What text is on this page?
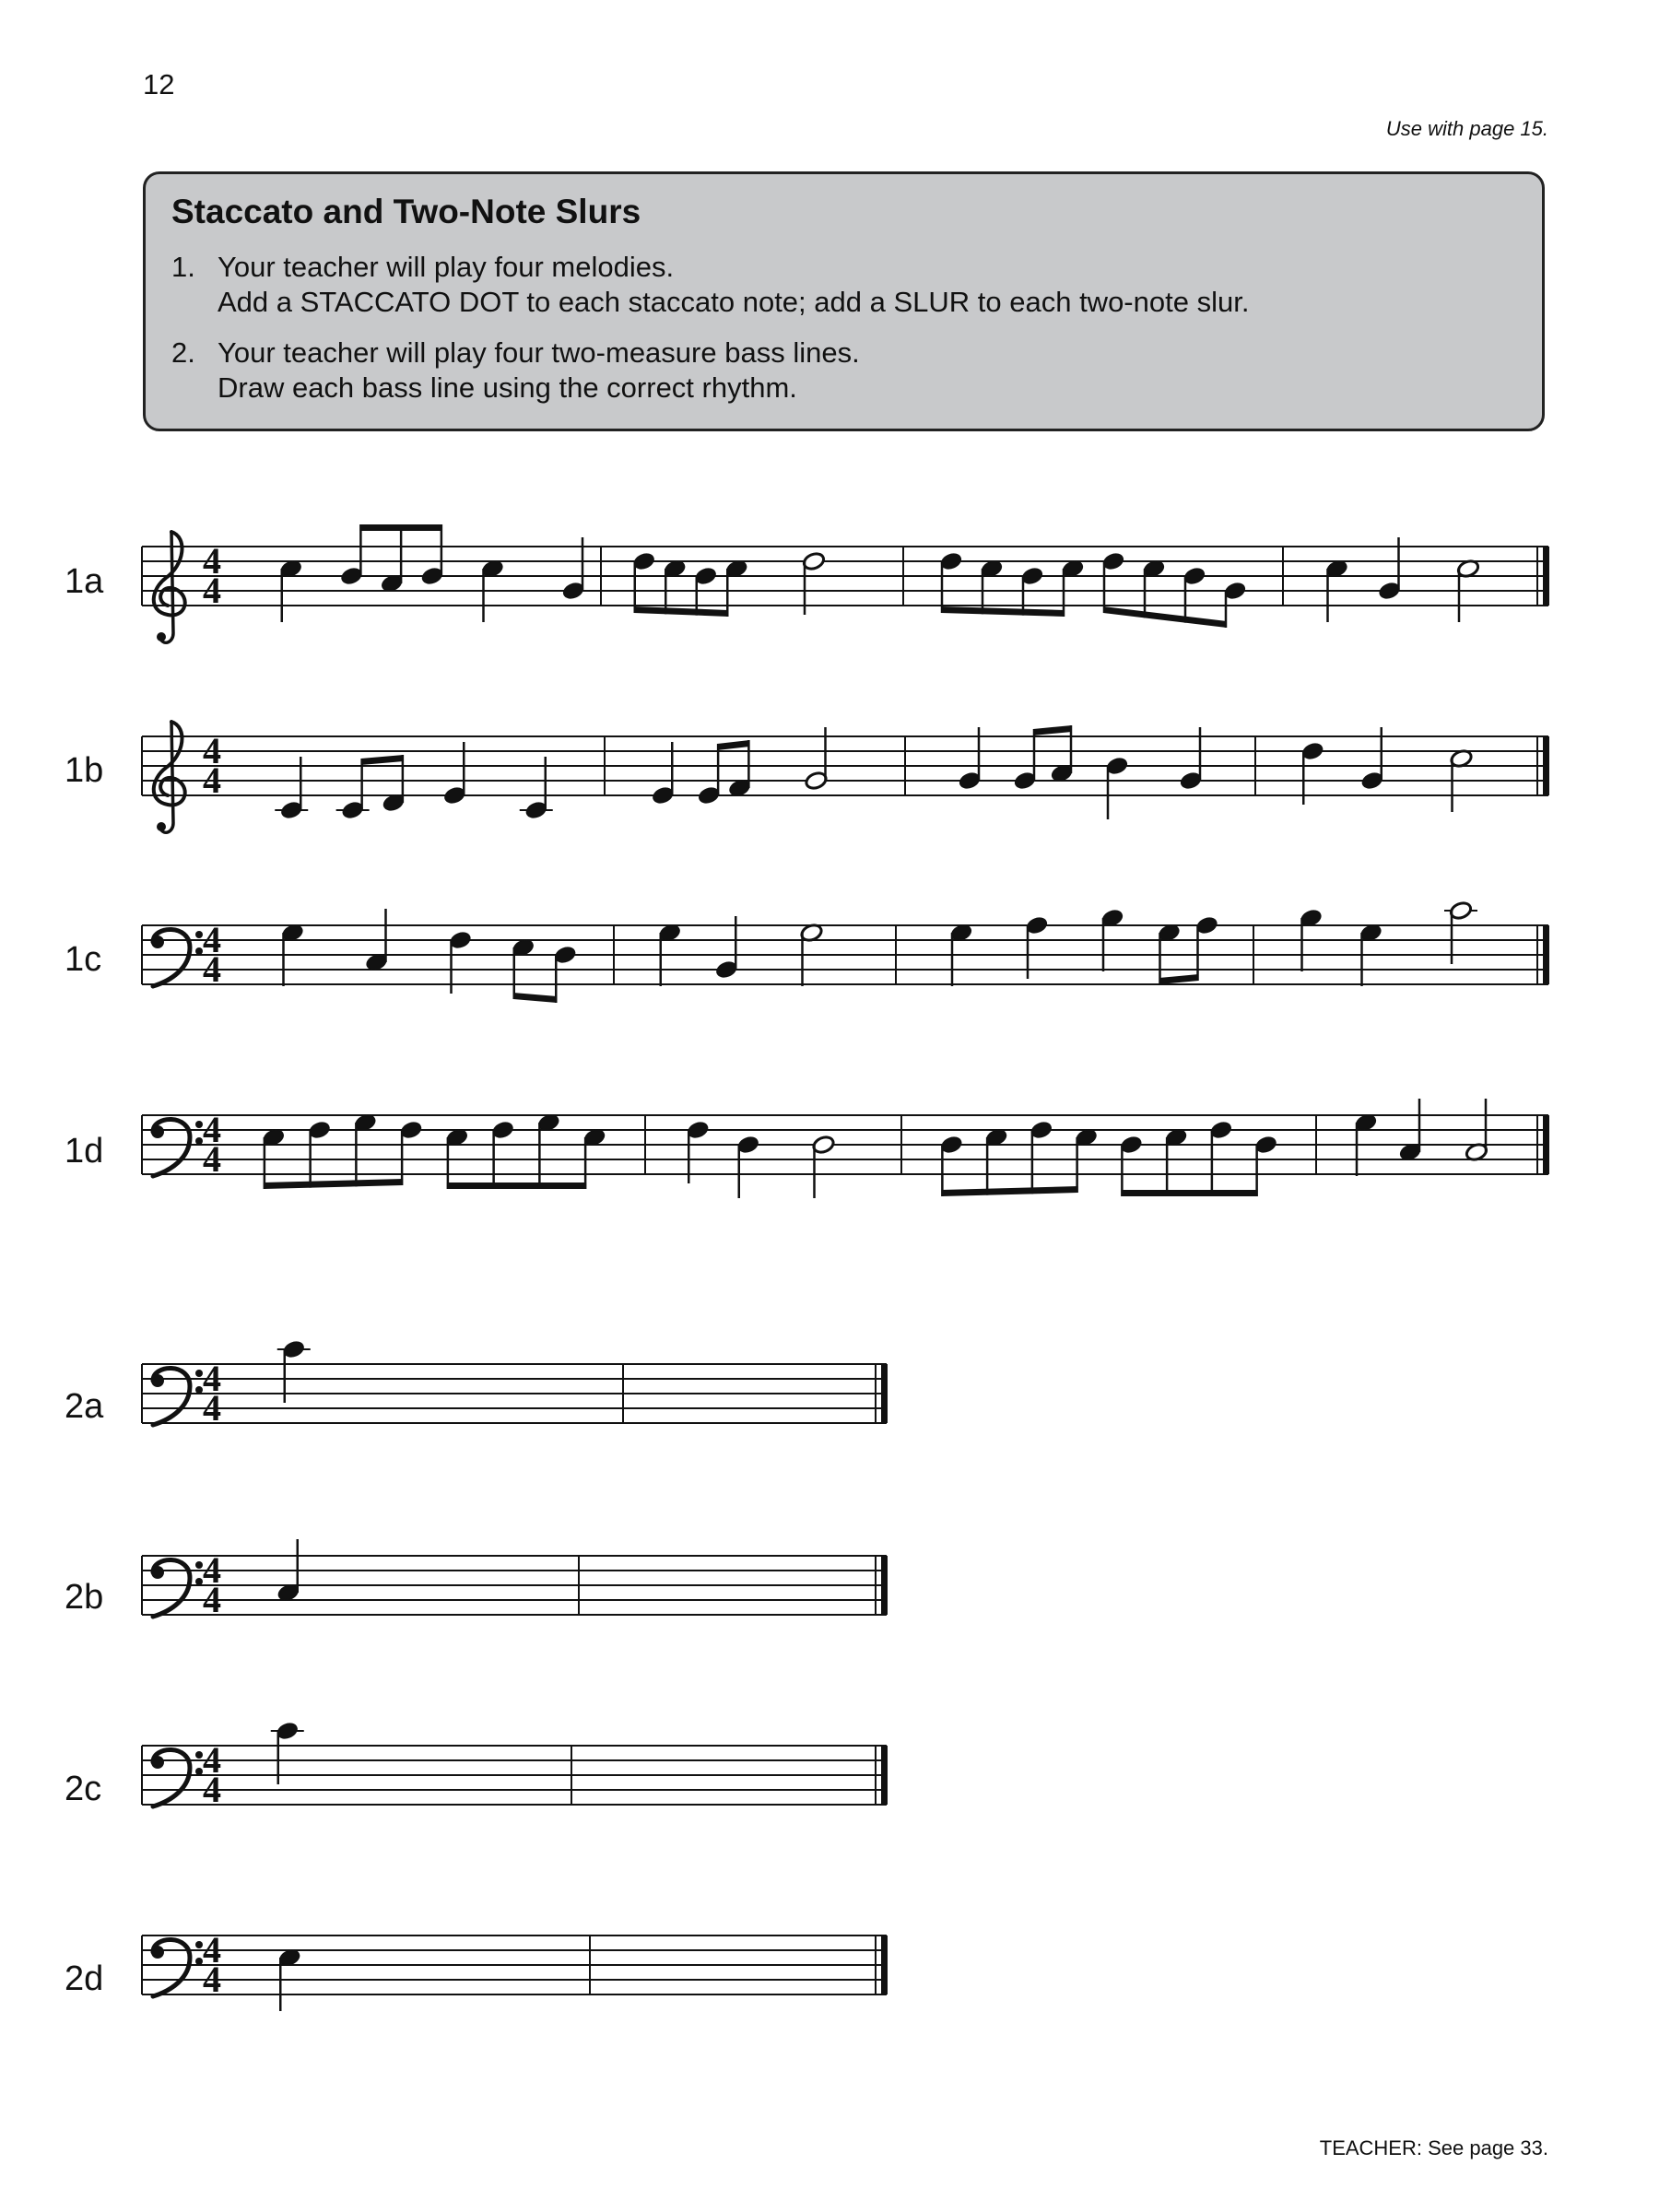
12
Use with page 15.
Staccato and Two-Note Slurs
1. Your teacher will play four melodies.
Add a STACCATO DOT to each staccato note; add a SLUR to each two-note slur.
2. Your teacher will play four two-measure bass lines.
Draw each bass line using the correct rhythm.
1a
1b
1c
1d
2a
2b
2c
2d
4
4
4
4
4
4
4
4
4
4
4
4
4
4
4
4
TEACHER: See page 33.
